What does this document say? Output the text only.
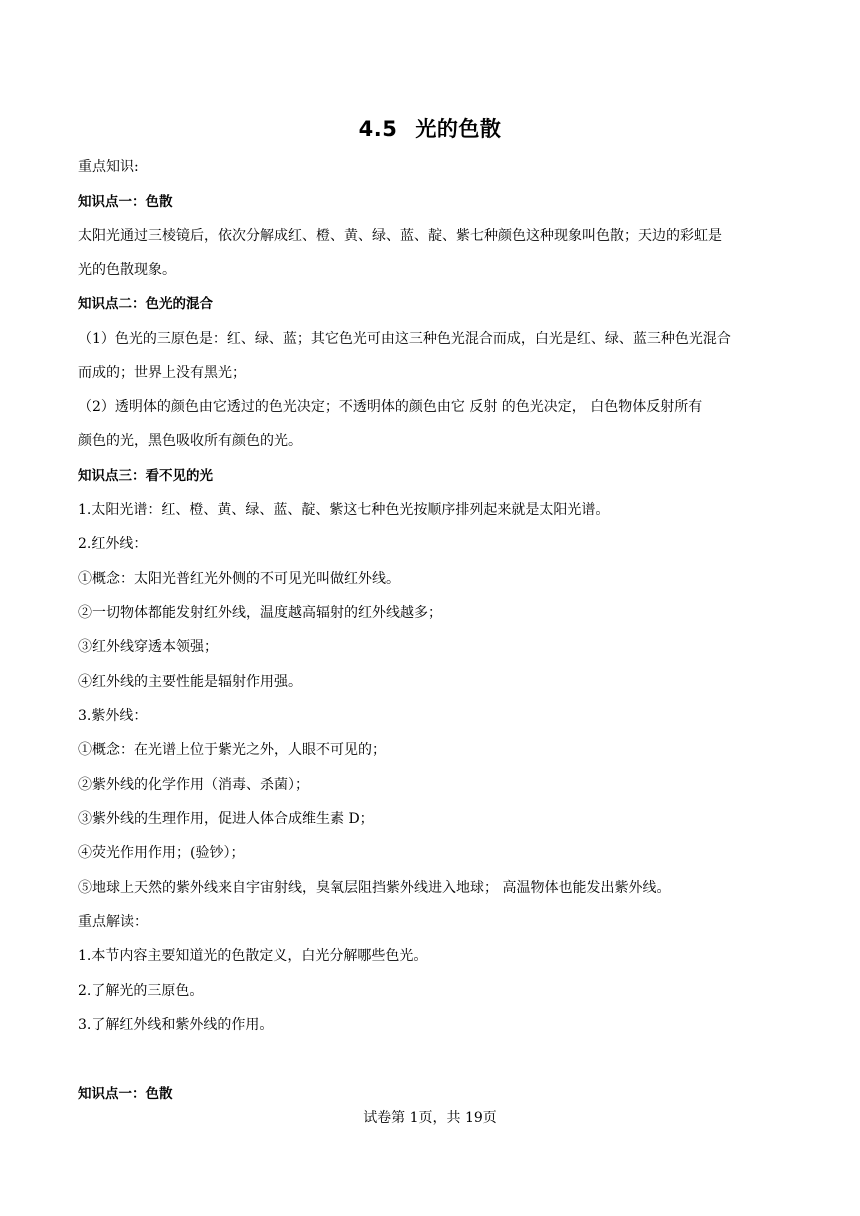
4.5 光的色散
重点知识:
知识点一：色散
太阳光通过三棱镜后，依次分解成红、橙、黄、绿、蓝、靛、紫七种颜色这种现象叫色散；天边的彩虹是
光的色散现象。
知识点二：色光的混合
（1）色光的三原色是：红、绿、蓝；其它色光可由这三种色光混合而成，白光是红、绿、蓝三种色光混合
而成的；世界上没有黑光；
（2）透明体的颜色由它透过的色光决定；不透明体的颜色由它 反射 的色光决定， 白色物体反射所有
颜色的光，黑色吸收所有颜色的光。
知识点三：看不见的光
1.太阳光谱：红、橙、黄、绿、蓝、靛、紫这七种色光按顺序排列起来就是太阳光谱。
2.红外线：
①概念：太阳光普红光外侧的不可见光叫做红外线。
②一切物体都能发射红外线，温度越高辐射的红外线越多；
③红外线穿透本领强；
④红外线的主要性能是辐射作用强。
3.紫外线：
①概念：在光谱上位于紫光之外，人眼不可见的；
②紫外线的化学作用（消毒、杀菌）；
③紫外线的生理作用，促进人体合成维生素 D；
④荧光作用作用；(验钞）；
⑤地球上天然的紫外线来自宇宙射线，臭氧层阻挡紫外线进入地球； 高温物体也能发出紫外线。
重点解读：
1.本节内容主要知道光的色散定义，白光分解哪些色光。
2.了解光的三原色。
3.了解红外线和紫外线的作用。
知识点一：色散
试卷第 1页，共 19页
